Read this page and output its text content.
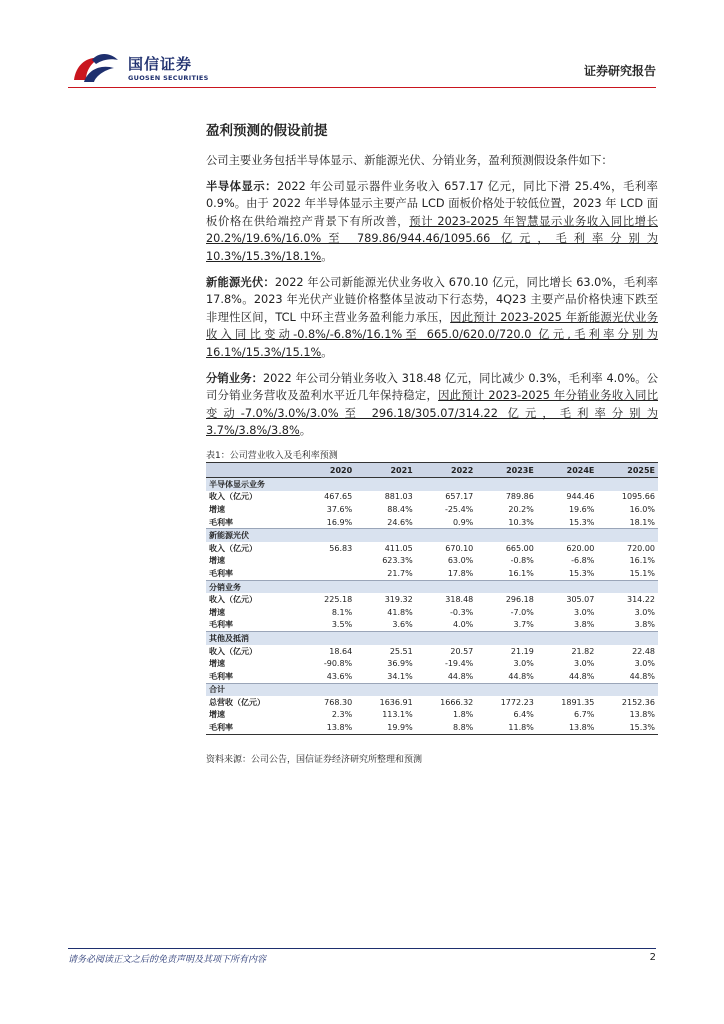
国信证券
GUOSEN SECURITIES	证券研究报告
盈利预测的假设前提

公司主要业务包括半导体显示、新能源光伏、分销业务，盈利预测假设条件如下：

半导体显示：2022 年公司显示器件业务收入 657.17 亿元，同比下滑 25.4%，毛利率 0.9%。由于 2022 年半导体显示主要产品 LCD 面板价格处于较低位置，2023 年 LCD 面板价格在供给端控产背景下有所改善，预计 2023-2025 年智慧显示业务收入同比增长 20.2%/19.6%/16.0%至 789.86/944.46/1095.66 亿元，毛利率分别为 10.3%/15.3%/18.1%。

新能源光伏：2022 年公司新能源光伏业务收入 670.10 亿元，同比增长 63.0%，毛利率 17.8%。2023 年光伏产业链价格整体呈波动下行态势，4Q23 主要产品价格快速下跌至非理性区间，TCL 中环主营业务盈利能力承压，因此预计 2023-2025 年新能源光伏业务收入同比变动-0.8%/-6.8%/16.1%至 665.0/620.0/720.0 亿元,毛利率分别为 16.1%/15.3%/15.1%。

分销业务：2022 年公司分销业务收入 318.48 亿元，同比减少 0.3%，毛利率 4.0%。公司分销业务营收及盈利水平近几年保持稳定，因此预计 2023-2025 年分销业务收入同比变动-7.0%/3.0%/3.0%至 296.18/305.07/314.22 亿元，毛利率分别为 3.7%/3.8%/3.8%。

表1：公司营业收入及毛利率预测
	2020	2021	2022	2023E	2024E	2025E
半导体显示业务						
收入（亿元）	467.65	881.03	657.17	789.86	944.46	1095.66
增速	37.6%	88.4%	-25.4%	20.2%	19.6%	16.0%
毛利率	16.9%	24.6%	0.9%	10.3%	15.3%	18.1%
新能源光伏						
收入（亿元）	56.83	411.05	670.10	665.00	620.00	720.00
增速		623.3%	63.0%	-0.8%	-6.8%	16.1%
毛利率		21.7%	17.8%	16.1%	15.3%	15.1%
分销业务						
收入（亿元）	225.18	319.32	318.48	296.18	305.07	314.22
增速	8.1%	41.8%	-0.3%	-7.0%	3.0%	3.0%
毛利率	3.5%	3.6%	4.0%	3.7%	3.8%	3.8%
其他及抵消						
收入（亿元）	18.64	25.51	20.57	21.19	21.82	22.48
增速	-90.8%	36.9%	-19.4%	3.0%	3.0%	3.0%
毛利率	43.6%	34.1%	44.8%	44.8%	44.8%	44.8%
合计						
总营收（亿元）	768.30	1636.91	1666.32	1772.23	1891.35	2152.36
增速	2.3%	113.1%	1.8%	6.4%	6.7%	13.8%
毛利率	13.8%	19.9%	8.8%	11.8%	13.8%	15.3%
资料来源：公司公告，国信证券经济研究所整理和预测
请务必阅读正文之后的免责声明及其项下所有内容	2
